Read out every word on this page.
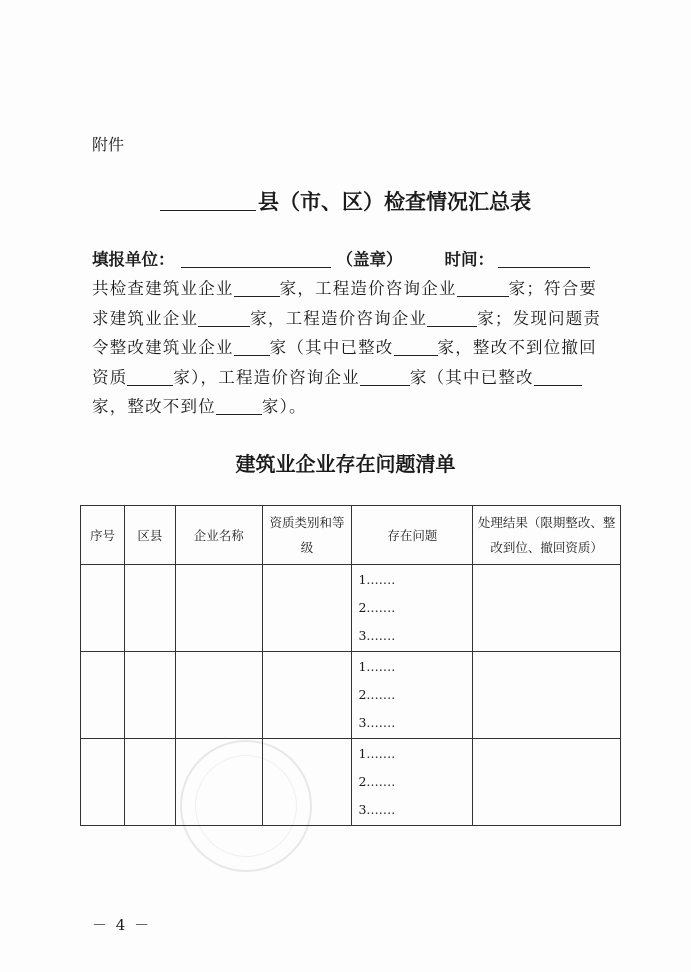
附件
县（市、区）检查情况汇总表
填报单位：	（盖章）	时间：
共检查建筑业企业	家，工程造价咨询企业	家；符合要求建筑业企业	家，工程造价咨询企业	家；发现问题责令整改建筑业企业 家（其中已整改	家，整改不到位撤回资质	家），工程造价咨询企业	家（其中已整改家，整改不到位	家）。
建筑业企业存在问题清单
序号	区县	企业名称	资质类别和等级	存在问题	处理结果（限期整改、整改到位、撤回资质）

				1.……
2.……
3.……	

				1.……
2.……
3.……	

				1.……
2.……
3.……	

－ 4 －
